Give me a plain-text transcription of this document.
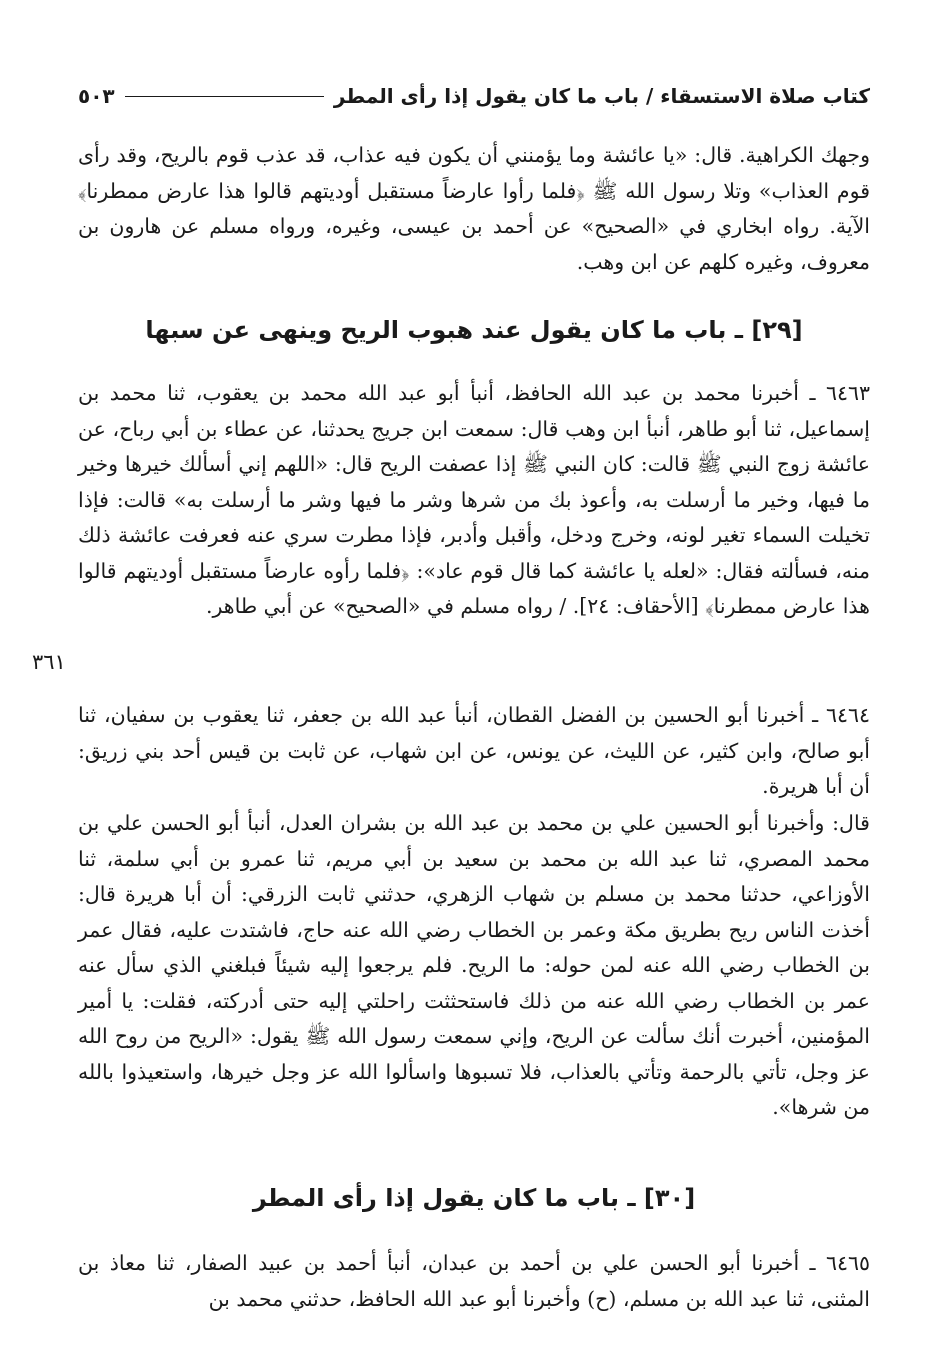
كتاب صلاة الاستسقاء / باب ما كان يقول إذا رأى المطر
٥٠٣
٣٦١

وجهك الكراهية. قال: «يا عائشة وما يؤمنني أن يكون فيه عذاب، قد عذب قوم بالريح، وقد رأى قوم العذاب» وتلا رسول الله ﷺ ﴿فلما رأوا عارضاً مستقبل أوديتهم قالوا هذا عارض ممطرنا﴾ الآية. رواه ابخاري في «الصحيح» عن أحمد بن عيسى، وغيره، ورواه مسلم عن هارون بن معروف، وغيره كلهم عن ابن وهب.

[٢٩] ـ باب ما كان يقول عند هبوب الريح وينهى عن سبها

٦٤٦٣ ـ أخبرنا محمد بن عبد الله الحافظ، أنبأ أبو عبد الله محمد بن يعقوب، ثنا محمد بن إسماعيل، ثنا أبو طاهر، أنبأ ابن وهب قال: سمعت ابن جريج يحدثنا، عن عطاء بن أبي رباح، عن عائشة زوج النبي ﷺ قالت: كان النبي ﷺ إذا عصفت الريح قال: «اللهم إني أسألك خيرها وخير ما فيها، وخير ما أرسلت به، وأعوذ بك من شرها وشر ما فيها وشر ما أرسلت به» قالت: فإذا تخيلت السماء تغير لونه، وخرج ودخل، وأقبل وأدبر، فإذا مطرت سري عنه فعرفت عائشة ذلك منه، فسألته فقال: «لعله يا عائشة كما قال قوم عاد»: ﴿فلما رأوه عارضاً مستقبل أوديتهم قالوا هذا عارض ممطرنا﴾ [الأحقاف: ٢٤]. / رواه مسلم في «الصحيح» عن أبي طاهر.

٦٤٦٤ ـ أخبرنا أبو الحسين بن الفضل القطان، أنبأ عبد الله بن جعفر، ثنا يعقوب بن سفيان، ثنا أبو صالح، وابن كثير، عن الليث، عن يونس، عن ابن شهاب، عن ثابت بن قيس أحد بني زريق: أن أبا هريرة.

قال: وأخبرنا أبو الحسين علي بن محمد بن عبد الله بن بشران العدل، أنبأ أبو الحسن علي بن محمد المصري، ثنا عبد الله بن محمد بن سعيد بن أبي مريم، ثنا عمرو بن أبي سلمة، ثنا الأوزاعي، حدثنا محمد بن مسلم بن شهاب الزهري، حدثني ثابت الزرقي: أن أبا هريرة قال: أخذت الناس ريح بطريق مكة وعمر بن الخطاب رضي الله عنه حاج، فاشتدت عليه، فقال عمر بن الخطاب رضي الله عنه لمن حوله: ما الريح. فلم يرجعوا إليه شيئاً فبلغني الذي سأل عنه عمر بن الخطاب رضي الله عنه من ذلك فاستحثثت راحلتي إليه حتى أدركته، فقلت: يا أمير المؤمنين، أخبرت أنك سألت عن الريح، وإني سمعت رسول الله ﷺ يقول: «الريح من روح الله عز وجل، تأتي بالرحمة وتأتي بالعذاب، فلا تسبوها واسألوا الله عز وجل خيرها، واستعيذوا بالله من شرها».

[٣٠] ـ باب ما كان يقول إذا رأى المطر

٦٤٦٥ ـ أخبرنا أبو الحسن علي بن أحمد بن عبدان، أنبأ أحمد بن عبيد الصفار، ثنا معاذ بن المثنى، ثنا عبد الله بن مسلم، (ح) وأخبرنا أبو عبد الله الحافظ، حدثني محمد بن
